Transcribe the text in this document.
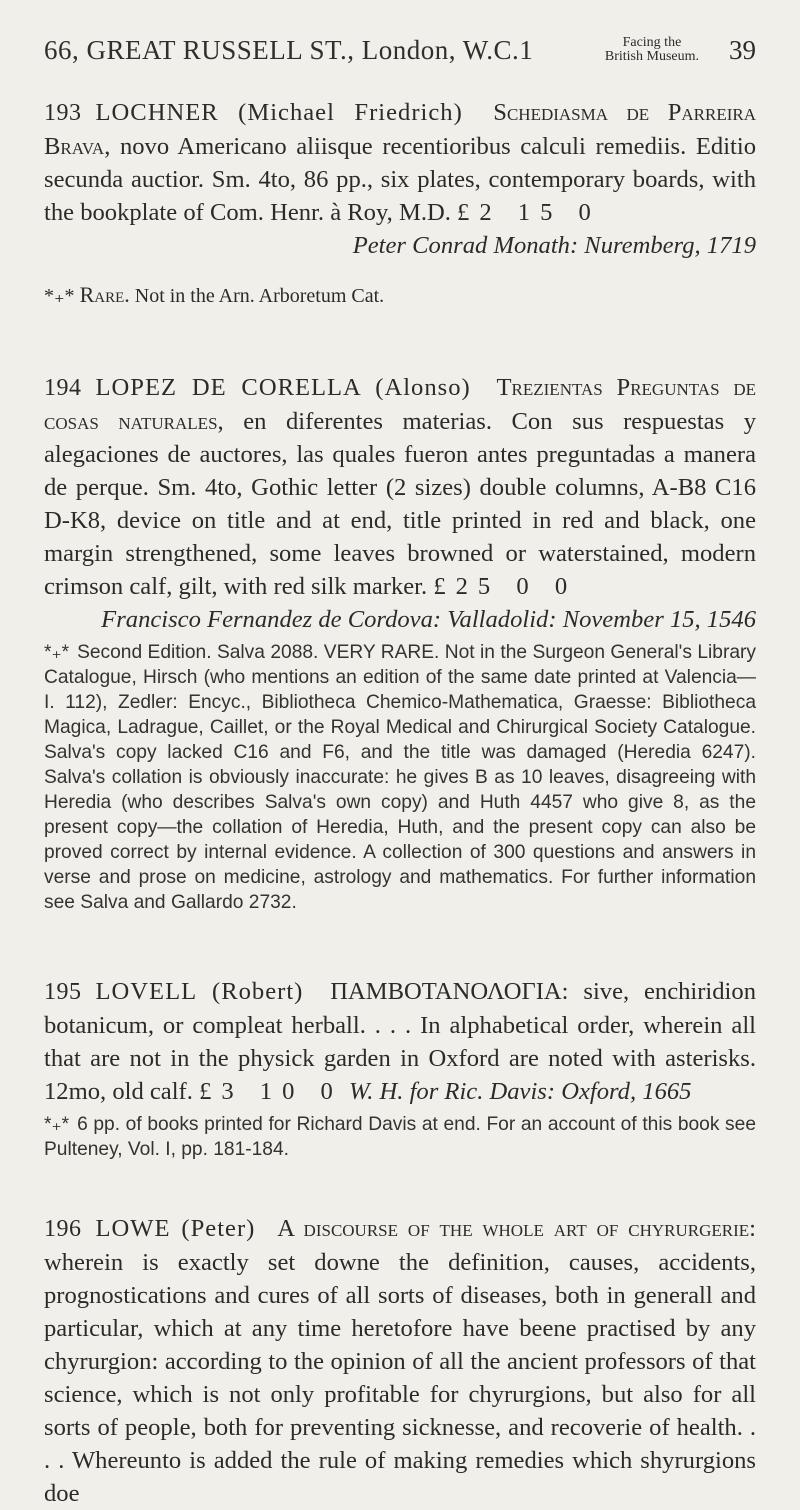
66, GREAT RUSSELL ST., London, W.C.1	Facing the
British Museum. 39

193 LOCHNER (Michael Friedrich) Schediasma de Parreira Brava, novo Americano aliisque recentioribus calculi remediis. Editio secunda auctior. Sm. 4to, 86 pp., six plates, contemporary boards, with the bookplate of Com. Henr. à Roy, M.D. £2 15 0

Peter Conrad Monath: Nuremberg, 1719

*₊* Rare. Not in the Arn. Arboretum Cat.

194 LOPEZ DE CORELLA (Alonso) Trezientas Preguntas de cosas naturales, en diferentes materias. Con sus respuestas y alegaciones de auctores, las quales fueron antes preguntadas a manera de perque. Sm. 4to, Gothic letter (2 sizes) double columns, A-B8 C16 D-K8, device on title and at end, title printed in red and black, one margin strengthened, some leaves browned or waterstained, modern crimson calf, gilt, with red silk marker. £25 0 0

Francisco Fernandez de Cordova: Valladolid: November 15, 1546

*₊* Second Edition. Salva 2088. VERY RARE. Not in the Surgeon General's Library Catalogue, Hirsch (who mentions an edition of the same date printed at Valencia—I. 112), Zedler: Encyc., Bibliotheca Chemico-Mathematica, Graesse: Bibliotheca Magica, Ladrague, Caillet, or the Royal Medical and Chirurgical Society Catalogue. Salva's copy lacked C16 and F6, and the title was damaged (Heredia 6247). Salva's collation is obviously inaccurate: he gives B as 10 leaves, disagreeing with Heredia (who describes Salva's own copy) and Huth 4457 who give 8, as the present copy—the collation of Heredia, Huth, and the present copy can also be proved correct by internal evidence. A collection of 300 questions and answers in verse and prose on medicine, astrology and mathematics. For further information see Salva and Gallardo 2732.

195 LOVELL (Robert) ΠΑΜΒΟΤΑΝΟΛΟΓΙΑ: sive, enchiridion botanicum, or compleat herball. . . . In alphabetical order, wherein all that are not in the physick garden in Oxford are noted with asterisks. 12mo, old calf. £3 10 0 W. H. for Ric. Davis: Oxford, 1665

*₊* 6 pp. of books printed for Richard Davis at end. For an account of this book see Pulteney, Vol. I, pp. 181-184.

196 LOWE (Peter) A discourse of the whole art of chyrurgerie: wherein is exactly set downe the definition, causes, accidents, prognostications and cures of all sorts of diseases, both in generall and particular, which at any time heretofore have beene practised by any chyrurgion: according to the opinion of all the ancient professors of that science, which is not only profitable for chyrurgions, but also for all sorts of people, both for preventing sicknesse, and recoverie of health. . . . Whereunto is added the rule of making remedies which shyrurgions doe
